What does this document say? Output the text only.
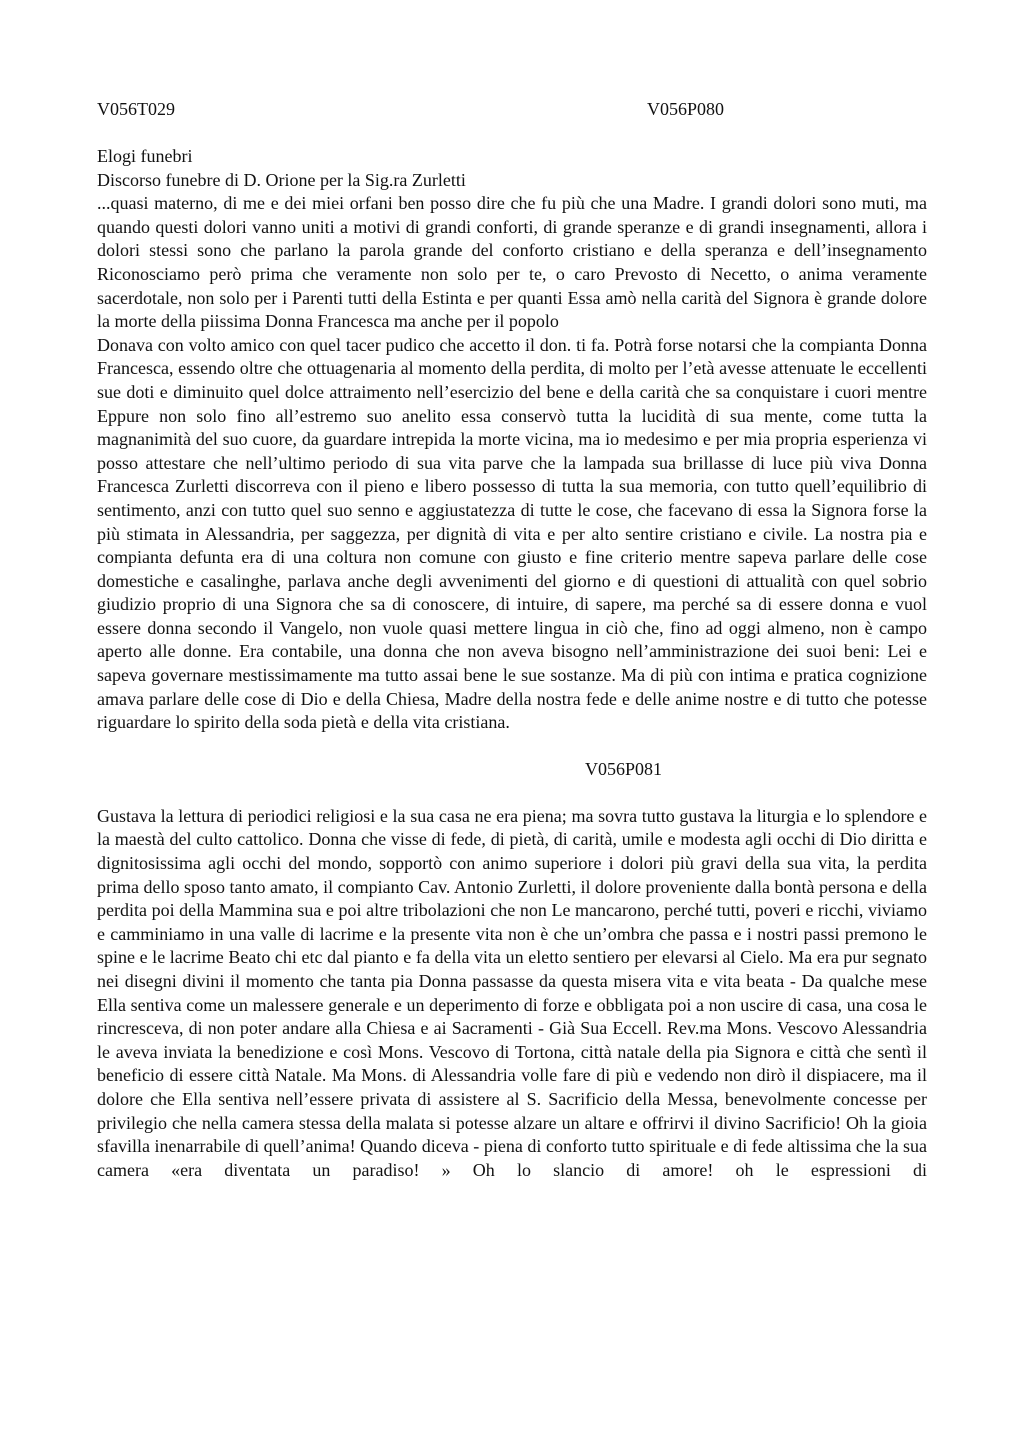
V056T029	V056P080
Elogi funebri
Discorso funebre di D. Orione per la Sig.ra Zurletti

...quasi materno, di me e dei miei orfani ben posso dire che fu più che una Madre. I grandi dolori sono muti, ma quando questi dolori vanno uniti a motivi di grandi conforti, di grande speranze e di grandi insegnamenti, allora i dolori stessi sono che parlano la parola grande del conforto cristiano e della speranza e dell’insegnamento Riconosciamo però prima che veramente non solo per te, o caro Prevosto di Necetto, o anima veramente sacerdotale, non solo per i Parenti tutti della Estinta e per quanti Essa amò nella carità del Signora è grande dolore la morte della piissima Donna Francesca ma anche per il popolo

Donava con volto amico con quel tacer pudico che accetto il don. ti fa. Potrà forse notarsi che la compianta Donna Francesca, essendo oltre che ottuagenaria al momento della perdita, di molto per l’età avesse attenuate le eccellenti sue doti e diminuito quel dolce attraimento nell’esercizio del bene e della carità che sa conquistare i cuori mentre Eppure non solo fino all’estremo suo anelito essa conservò tutta la lucidità di sua mente, come tutta la magnanimità del suo cuore, da guardare intrepida la morte vicina, ma io medesimo e per mia propria esperienza vi posso attestare che nell’ultimo periodo di sua vita parve che la lampada sua brillasse di luce più viva Donna Francesca Zurletti discorreva con il pieno e libero possesso di tutta la sua memoria, con tutto quell’equilibrio di sentimento, anzi con tutto quel suo senno e aggiustatezza di tutte le cose, che facevano di essa la Signora forse la più stimata in Alessandria, per saggezza, per dignità di vita e per alto sentire cristiano e civile. La nostra pia e compianta defunta era di una coltura non comune con giusto e fine criterio mentre sapeva parlare delle cose domestiche e casalinghe, parlava anche degli avvenimenti del giorno e di questioni di attualità con quel sobrio giudizio proprio di una Signora che sa di conoscere, di intuire, di sapere, ma perché sa di essere donna e vuol essere donna secondo il Vangelo, non vuole quasi mettere lingua in ciò che, fino ad oggi almeno, non è campo aperto alle donne. Era contabile, una donna che non aveva bisogno nell’amministrazione dei suoi beni: Lei e sapeva governare mestissimamente ma tutto assai bene le sue sostanze. Ma di più con intima e pratica cognizione amava parlare delle cose di Dio e della Chiesa, Madre della nostra fede e delle anime nostre e di tutto che potesse riguardare lo spirito della soda pietà e della vita cristiana.

V056P081

Gustava la lettura di periodici religiosi e la sua casa ne era piena; ma sovra tutto gustava la liturgia e lo splendore e la maestà del culto cattolico. Donna che visse di fede, di pietà, di carità, umile e modesta agli occhi di Dio diritta e dignitosissima agli occhi del mondo, sopportò con animo superiore i dolori più gravi della sua vita, la perdita prima dello sposo tanto amato, il compianto Cav. Antonio Zurletti, il dolore proveniente dalla bontà persona e della perdita poi della Mammina sua e poi altre tribolazioni che non Le mancarono, perché tutti, poveri e ricchi, viviamo e camminiamo in una valle di lacrime e la presente vita non è che un’ombra che passa e i nostri passi premono le spine e le lacrime Beato chi etc dal pianto e fa della vita un eletto sentiero per elevarsi al Cielo. Ma era pur segnato nei disegni divini il momento che tanta pia Donna passasse da questa misera vita e vita beata - Da qualche mese Ella sentiva come un malessere generale e un deperimento di forze e obbligata poi a non uscire di casa, una cosa le rincresceva, di non poter andare alla Chiesa e ai Sacramenti - Già Sua Eccell. Rev.ma Mons. Vescovo Alessandria le aveva inviata la benedizione e così Mons. Vescovo di Tortona, città natale della pia Signora e città che sentì il beneficio di essere città Natale. Ma Mons. di Alessandria volle fare di più e vedendo non dirò il dispiacere, ma il dolore che Ella sentiva nell’essere privata di assistere al S. Sacrificio della Messa, benevolmente concesse per privilegio che nella camera stessa della malata si potesse alzare un altare e offrirvi il divino Sacrificio! Oh la gioia sfavilla inenarrabile di quell’anima! Quando diceva - piena di conforto tutto spirituale e di fede altissima che la sua camera «era diventata un paradiso! » Oh lo slancio di amore! oh le espressioni di
